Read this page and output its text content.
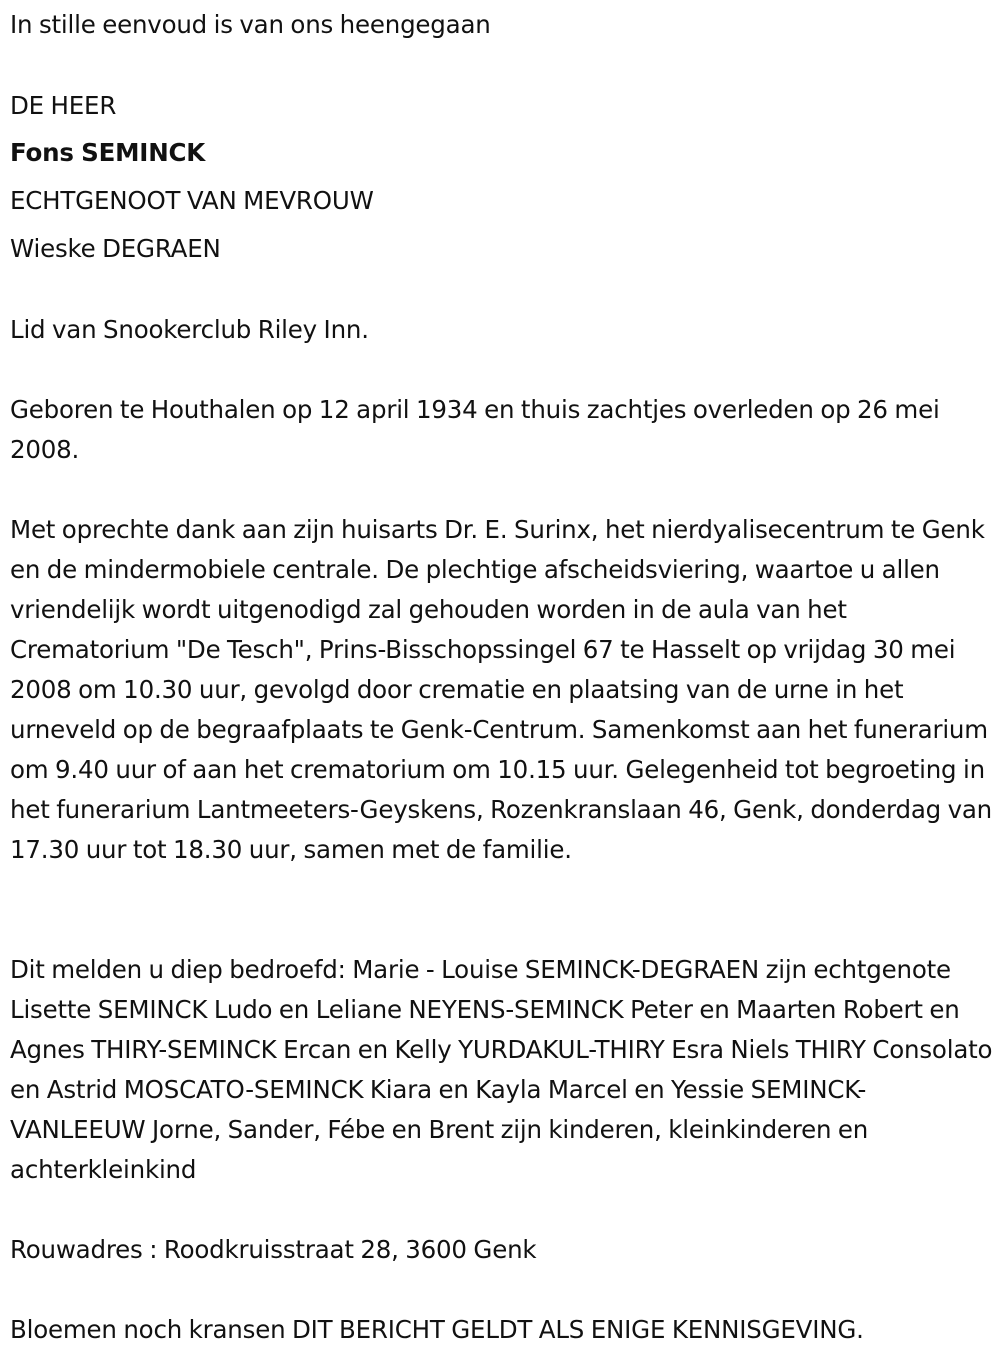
In stille eenvoud is van ons heengegaan
DE HEER
Fons SEMINCK
ECHTGENOOT VAN MEVROUW
Wieske DEGRAEN
Lid van Snookerclub Riley Inn.

Geboren te Houthalen op 12 april 1934 en thuis zachtjes overleden op 26 mei 2008.

Met oprechte dank aan zijn huisarts Dr. E. Surinx, het nierdyalisecentrum te Genk en de mindermobiele centrale. De plechtige afscheidsviering, waartoe u allen vriendelijk wordt uitgenodigd zal gehouden worden in de aula van het Crematorium "De Tesch", Prins-Bisschopssingel 67 te Hasselt op vrijdag 30 mei 2008 om 10.30 uur, gevolgd door crematie en plaatsing van de urne in het urneveld op de begraafplaats te Genk-Centrum. Samenkomst aan het funerarium om 9.40 uur of aan het crematorium om 10.15 uur. Gelegenheid tot begroeting in het funerarium Lantmeeters-Geyskens, Rozenkranslaan 46, Genk, donderdag van 17.30 uur tot 18.30 uur, samen met de familie.

Dit melden u diep bedroefd: Marie - Louise SEMINCK-DEGRAEN zijn echtgenote Lisette SEMINCK Ludo en Leliane NEYENS-SEMINCK Peter en Maarten Robert en Agnes THIRY-SEMINCK Ercan en Kelly YURDAKUL-THIRY Esra Niels THIRY Consolato en Astrid MOSCATO-SEMINCK Kiara en Kayla Marcel en Yessie SEMINCK-VANLEEUW Jorne, Sander, Fébe en Brent zijn kinderen, kleinkinderen en achterkleinkind

Rouwadres : Roodkruisstraat 28, 3600 Genk
Bloemen noch kransen DIT BERICHT GELDT ALS ENIGE KENNISGEVING.
